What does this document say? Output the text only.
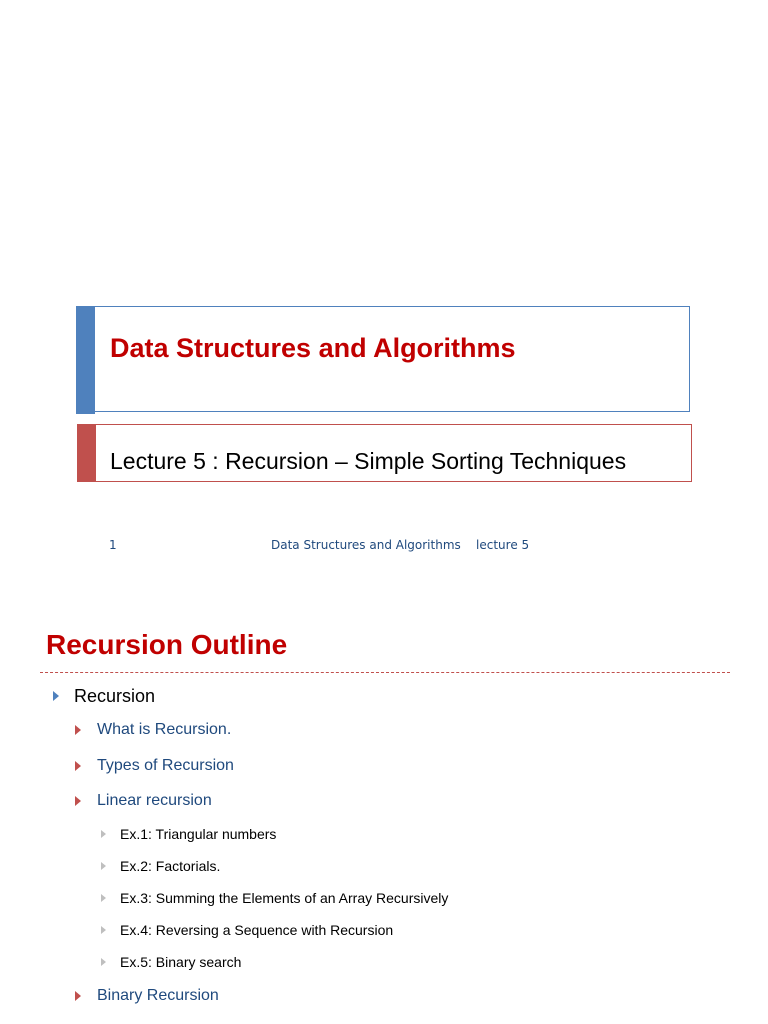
Data Structures and Algorithms
Lecture 5 : Recursion – Simple Sorting Techniques
1	Data Structures and Algorithms    lecture 5
Recursion Outline
Recursion
What is Recursion.
Types of Recursion
Linear recursion
Ex.1: Triangular numbers
Ex.2: Factorials.
Ex.3: Summing the Elements of an Array Recursively
Ex.4: Reversing a Sequence with Recursion
Ex.5: Binary search
Binary Recursion
